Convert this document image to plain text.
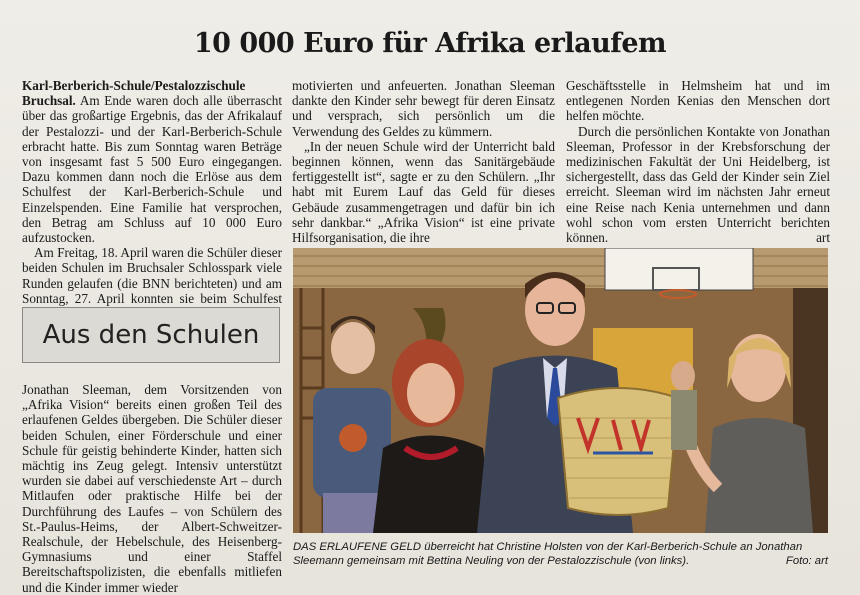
10 000 Euro für Afrika erlaufem

Karl-Berberich-Schule/Pestalozzischule Bruchsal. Am Ende waren doch alle überrascht über das großartige Ergebnis, das der Afrikalauf der Pestalozzi- und der Karl-Berberich-Schule erbracht hatte. Bis zum Sonntag waren Beträge von insgesamt fast 5 500 Euro eingegangen. Dazu kommen dann noch die Erlöse aus dem Schulfest der Karl-Berberich-Schule und Einzelspenden. Eine Familie hat versprochen, den Betrag am Schluss auf 10 000 Euro aufzustocken.

Am Freitag, 18. April waren die Schüler dieser beiden Schulen im Bruchsaler Schlosspark viele Runden gelaufen (die BNN berichteten) und am Sonntag, 27. April konnten sie beim Schulfest

Aus den Schulen

Jonathan Sleeman, dem Vorsitzenden von „Afrika Vision“ bereits einen großen Teil des erlaufenen Geldes übergeben. Die Schüler dieser beiden Schulen, einer Förderschule und einer Schule für geistig behinderte Kinder, hatten sich mächtig ins Zeug gelegt. Intensiv unterstützt wurden sie dabei auf verschiedenste Art – durch Mitlaufen oder praktische Hilfe bei der Durchführung des Laufes – von Schülern des St.-Paulus-Heims, der Albert-Schweitzer-Realschule, der Hebelschule, des Heisenberg-Gymnasiums und einer Staffel Bereitschaftspolizisten, die ebenfalls mitliefen und die Kinder immer wieder

motivierten und anfeuerten. Jonathan Sleeman dankte den Kinder sehr bewegt für deren Einsatz und versprach, sich persönlich um die Verwendung des Geldes zu kümmern.

„In der neuen Schule wird der Unterricht bald beginnen können, wenn das Sanitärgebäude fertiggestellt ist“, sagte er zu den Schülern. „Ihr habt mit Eurem Lauf das Geld für dieses Gebäude zusammengetragen und dafür bin ich sehr dankbar.“ „Afrika Vision“ ist eine private Hilfsorganisation, die ihre

Geschäftsstelle in Helmsheim hat und im entlegenen Norden Kenias den Menschen dort helfen möchte.

Durch die persönlichen Kontakte von Jonathan Sleeman, Professor in der Krebsforschung der medizinischen Fakultät der Uni Heidelberg, ist sichergestellt, dass das Geld der Kinder sein Ziel erreicht. Sleeman wird im nächsten Jahr erneut eine Reise nach Kenia unternehmen und dann wohl schon vom ersten Unterricht berichten können.	art

DAS ERLAUFENE GELD überreicht hat Christine Holsten von der Karl-Berberich-Schule an Jonathan Sleemann gemeinsam mit Bettina Neuling von der Pestalozzischule (von links).	Foto: art
